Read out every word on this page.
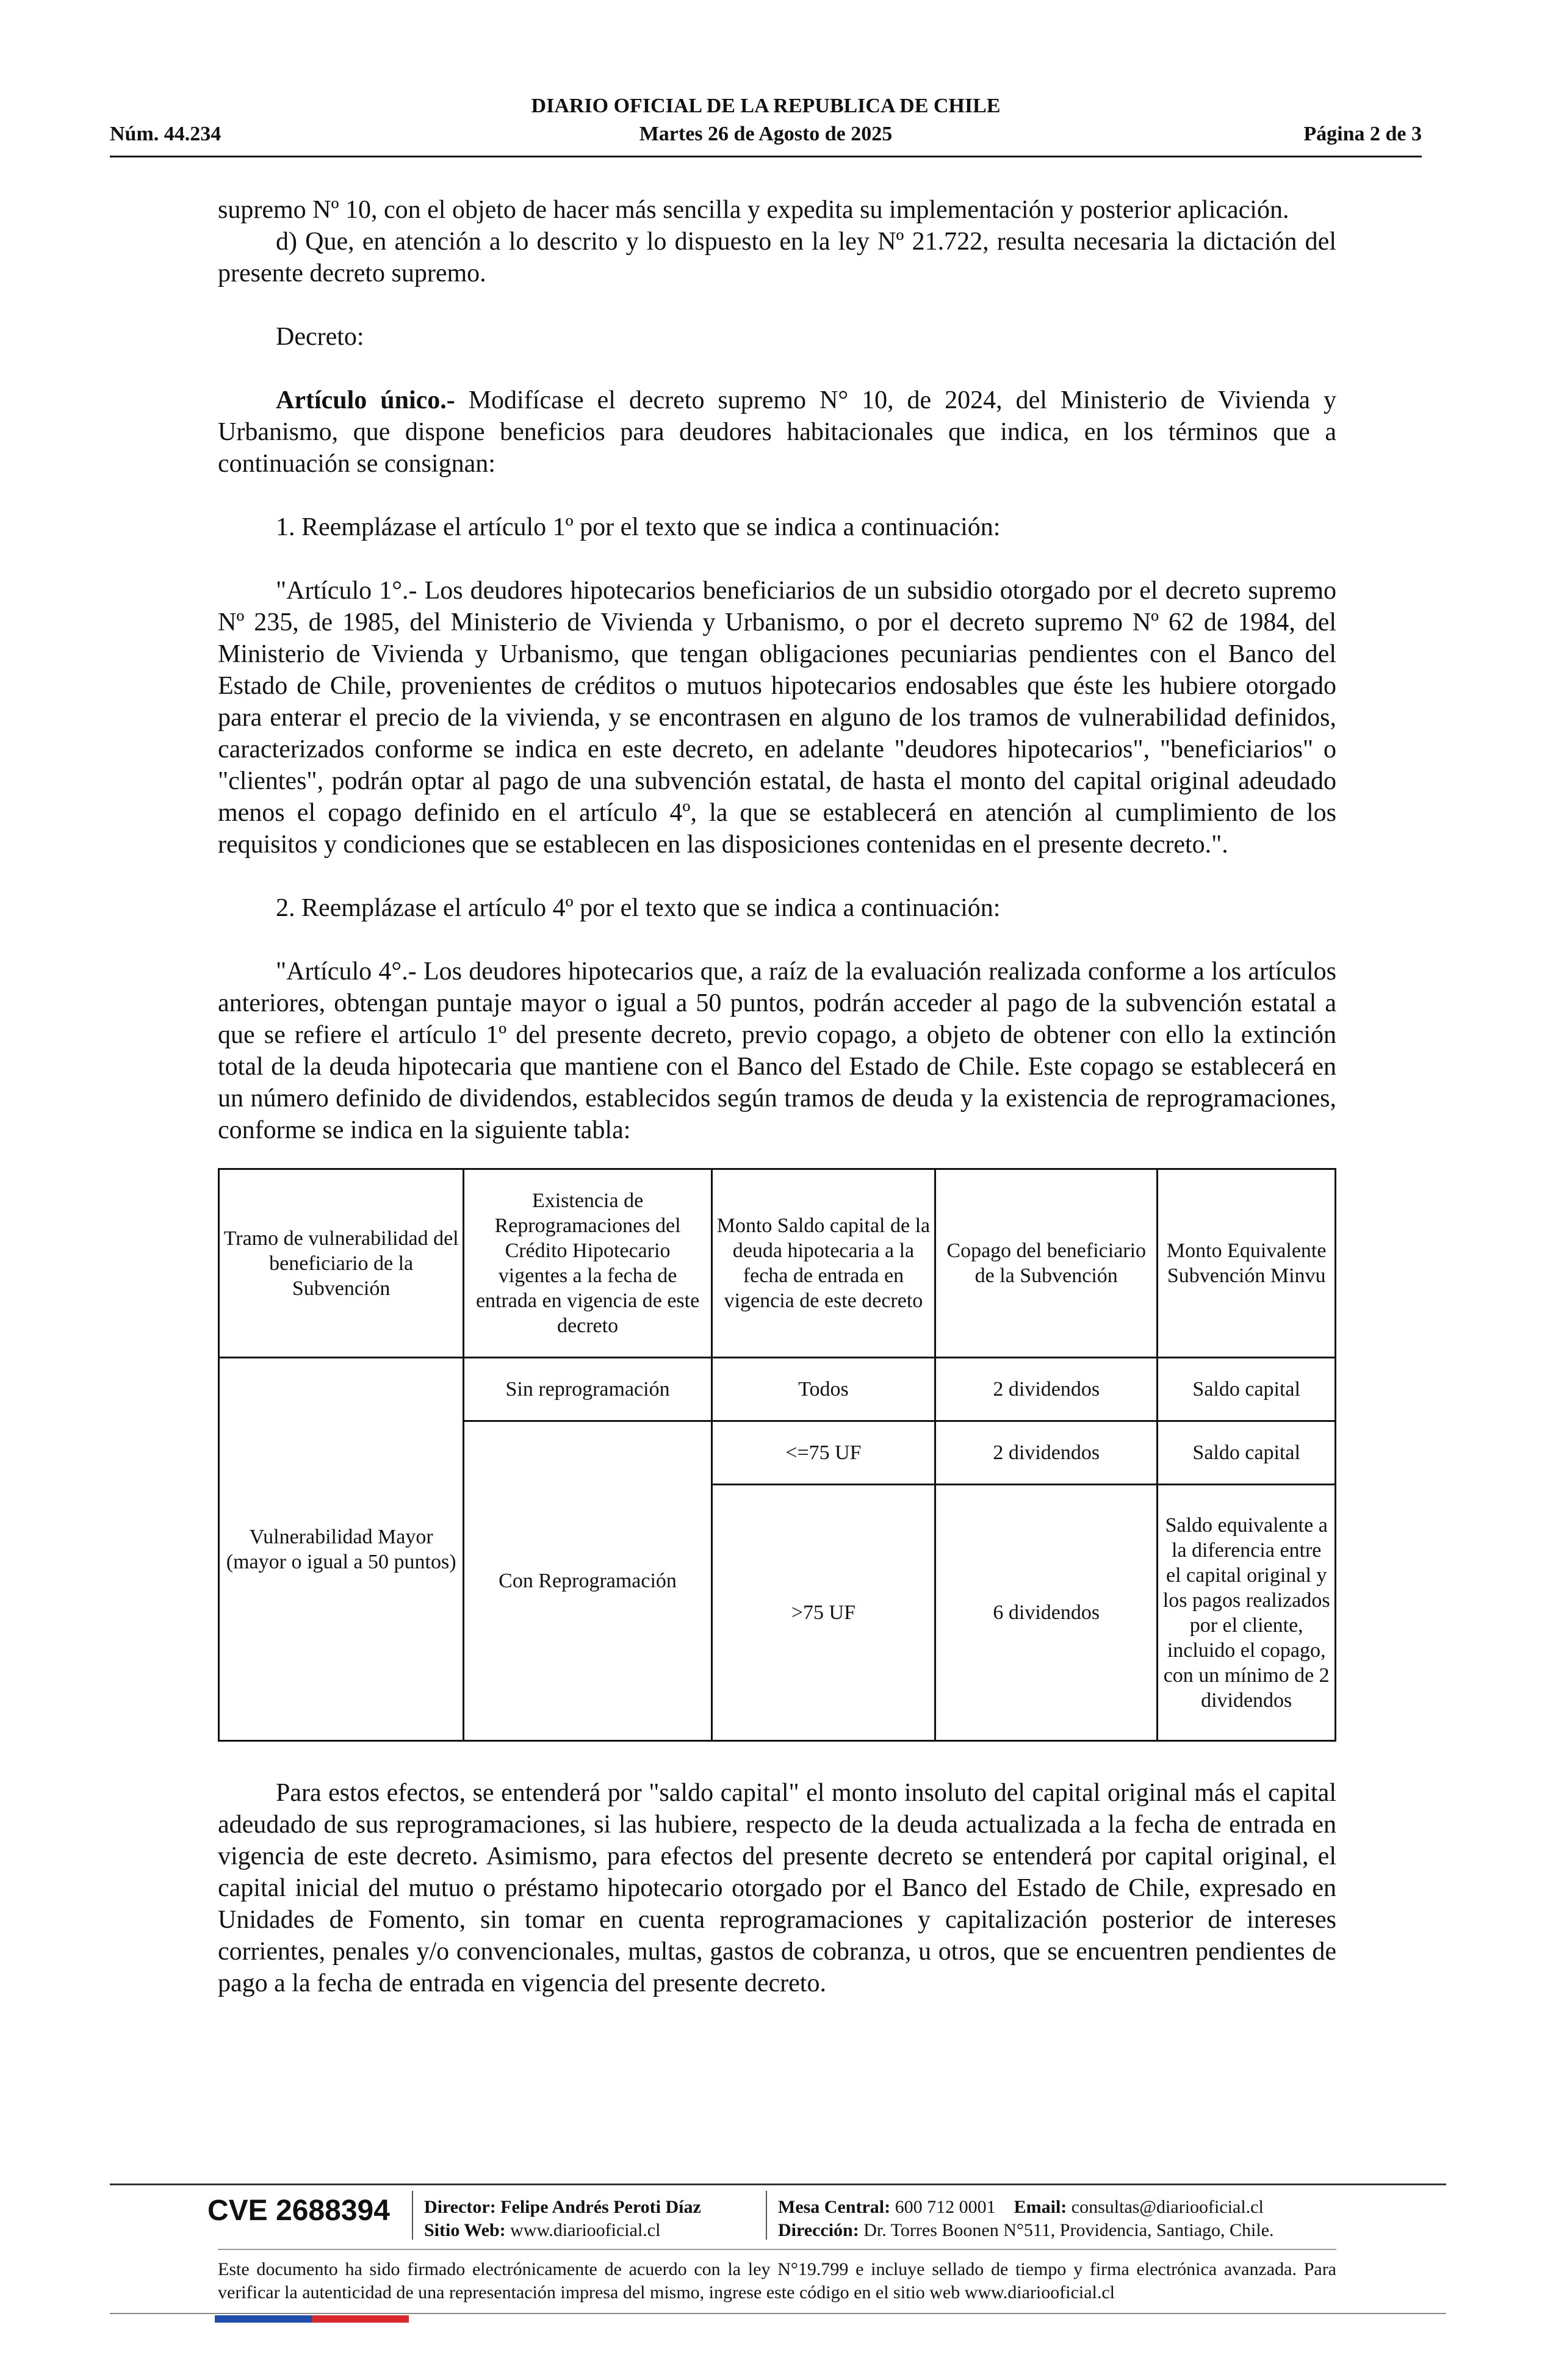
DIARIO OFICIAL DE LA REPUBLICA DE CHILE
Martes 26 de Agosto de 2025
Núm. 44.234	Página 2 de 3

supremo Nº 10, con el objeto de hacer más sencilla y expedita su implementación y posterior aplicación.

d) Que, en atención a lo descrito y lo dispuesto en la ley Nº 21.722, resulta necesaria la dictación del presente decreto supremo.

Decreto:

Artículo único.- Modifícase el decreto supremo N° 10, de 2024, del Ministerio de Vivienda y Urbanismo, que dispone beneficios para deudores habitacionales que indica, en los términos que a continuación se consignan:

1. Reemplázase el artículo 1º por el texto que se indica a continuación:

"Artículo 1°.- Los deudores hipotecarios beneficiarios de un subsidio otorgado por el decreto supremo Nº 235, de 1985, del Ministerio de Vivienda y Urbanismo, o por el decreto supremo Nº 62 de 1984, del Ministerio de Vivienda y Urbanismo, que tengan obligaciones pecuniarias pendientes con el Banco del Estado de Chile, provenientes de créditos o mutuos hipotecarios endosables que éste les hubiere otorgado para enterar el precio de la vivienda, y se encontrasen en alguno de los tramos de vulnerabilidad definidos, caracterizados conforme se indica en este decreto, en adelante "deudores hipotecarios", "beneficiarios" o "clientes", podrán optar al pago de una subvención estatal, de hasta el monto del capital original adeudado menos el copago definido en el artículo 4º, la que se establecerá en atención al cumplimiento de los requisitos y condiciones que se establecen en las disposiciones contenidas en el presente decreto.".

2. Reemplázase el artículo 4º por el texto que se indica a continuación:

"Artículo 4°.- Los deudores hipotecarios que, a raíz de la evaluación realizada conforme a los artículos anteriores, obtengan puntaje mayor o igual a 50 puntos, podrán acceder al pago de la subvención estatal a que se refiere el artículo 1º del presente decreto, previo copago, a objeto de obtener con ello la extinción total de la deuda hipotecaria que mantiene con el Banco del Estado de Chile. Este copago se establecerá en un número definido de dividendos, establecidos según tramos de deuda y la existencia de reprogramaciones, conforme se indica en la siguiente tabla:

Tramo de vulnerabilidad del beneficiario de la Subvención	Existencia de Reprogramaciones del Crédito Hipotecario vigentes a la fecha de entrada en vigencia de este decreto	Monto Saldo capital de la deuda hipotecaria a la fecha de entrada en vigencia de este decreto	Copago del beneficiario de la Subvención	Monto Equivalente Subvención Minvu
Vulnerabilidad Mayor (mayor o igual a 50 puntos)	Sin reprogramación	Todos	2 dividendos	Saldo capital
	Con Reprogramación	<=75 UF	2 dividendos	Saldo capital
		>75 UF	6 dividendos	Saldo equivalente a la diferencia entre el capital original y los pagos realizados por el cliente, incluido el copago, con un mínimo de 2 dividendos

Para estos efectos, se entenderá por "saldo capital" el monto insoluto del capital original más el capital adeudado de sus reprogramaciones, si las hubiere, respecto de la deuda actualizada a la fecha de entrada en vigencia de este decreto. Asimismo, para efectos del presente decreto se entenderá por capital original, el capital inicial del mutuo o préstamo hipotecario otorgado por el Banco del Estado de Chile, expresado en Unidades de Fomento, sin tomar en cuenta reprogramaciones y capitalización posterior de intereses corrientes, penales y/o convencionales, multas, gastos de cobranza, u otros, que se encuentren pendientes de pago a la fecha de entrada en vigencia del presente decreto.

CVE 2688394 Director: Felipe Andrés Peroti Díaz
Sitio Web: www.diariooficial.cl
Mesa Central: 600 712 0001 Email: consultas@diariooficial.cl
Dirección: Dr. Torres Boonen N°511, Providencia, Santiago, Chile.
Este documento ha sido firmado electrónicamente de acuerdo con la ley N°19.799 e incluye sellado de tiempo y firma electrónica avanzada. Para verificar la autenticidad de una representación impresa del mismo, ingrese este código en el sitio web www.diariooficial.cl
